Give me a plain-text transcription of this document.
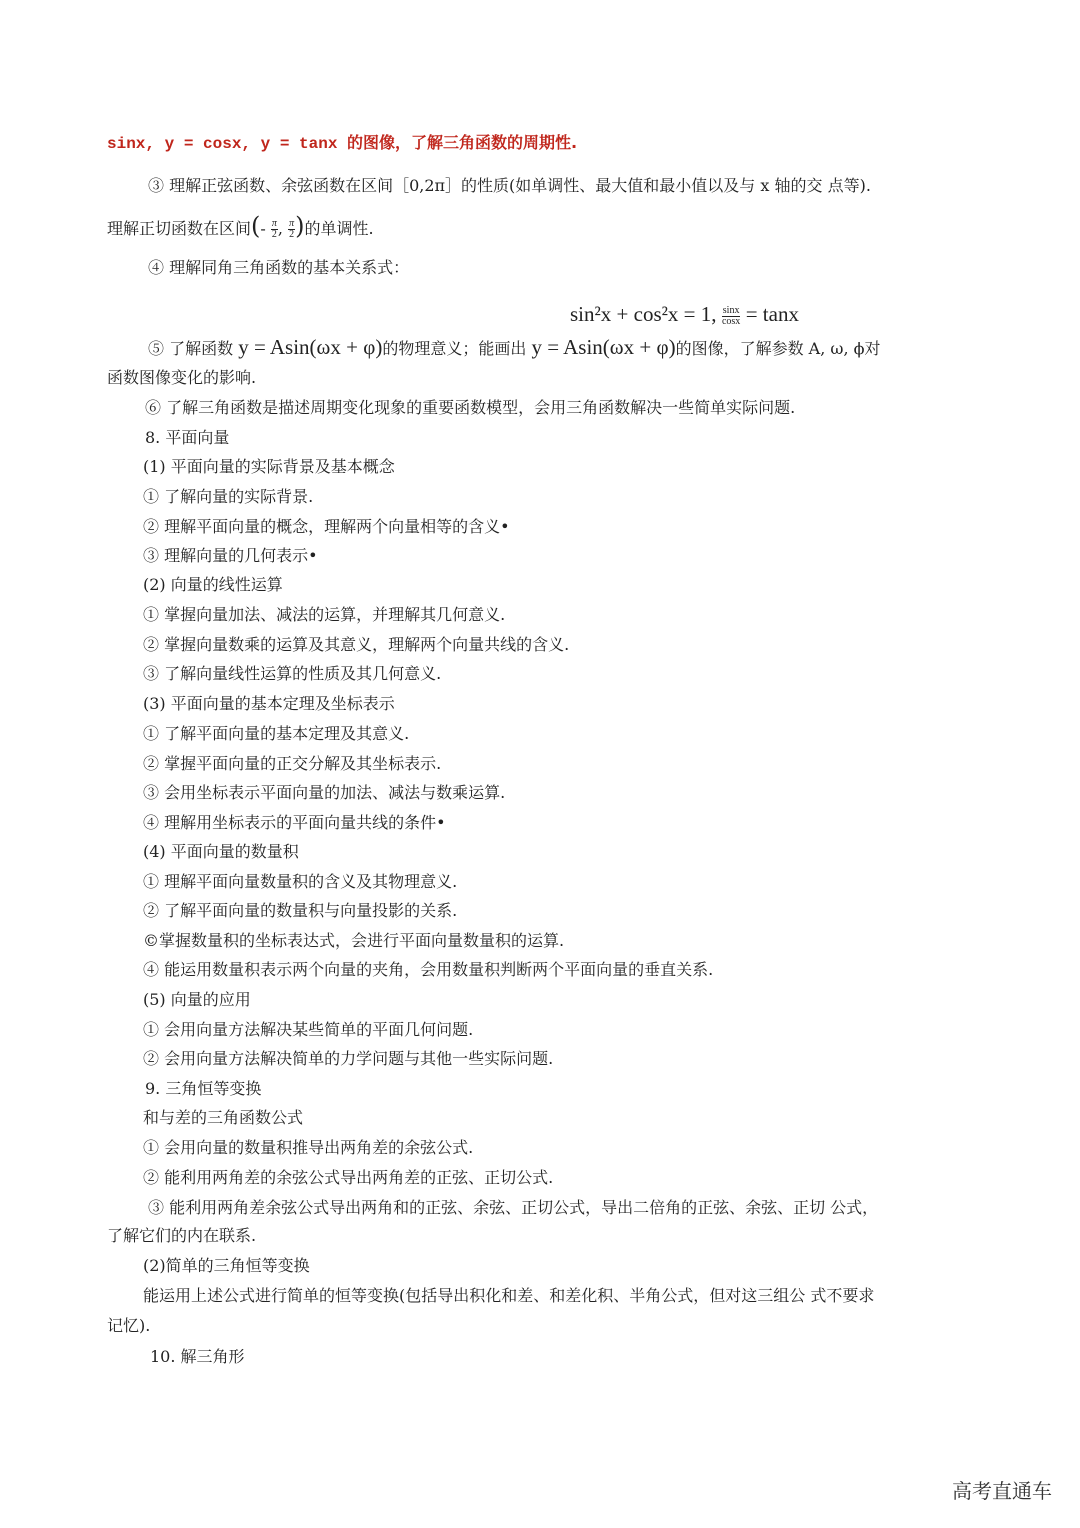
sinx, y = cosx, y = tanx 的图像，了解三角函数的周期性.
③ 理解正弦函数、余弦函数在区间［0,2π］的性质(如单调性、最大值和最小值以及与 x 轴的交 点等).
理解正切函数在区间(- $\frac{\pi}{2}$ , $\frac{\pi}{2}$ )的单调性.
④ 理解同角三角函数的基本关系式：
sin²x + cos²x = 1, $\frac{\sin x}{\cos x} = \tan x$
⑤ 了解函数 y = Asin(ωx + φ)的物理意义；能画出 y = Asin(ωx + φ)的图像，了解参数 A, ω, ϕ对
函数图像变化的影响.
⑥ 了解三角函数是描述周期变化现象的重要函数模型，会用三角函数解决一些简单实际问题.
8. 平面向量
(1) 平面向量的实际背景及基本概念
① 了解向量的实际背景.
② 理解平面向量的概念，理解两个向量相等的含义•
③ 理解向量的几何表示•
(2) 向量的线性运算
① 掌握向量加法、减法的运算，并理解其几何意义.
② 掌握向量数乘的运算及其意义，理解两个向量共线的含义.
③ 了解向量线性运算的性质及其几何意义.
(3) 平面向量的基本定理及坐标表示
① 了解平面向量的基本定理及其意义.
② 掌握平面向量的正交分解及其坐标表示.
③ 会用坐标表示平面向量的加法、减法与数乘运算.
④ 理解用坐标表示的平面向量共线的条件•
(4) 平面向量的数量积
① 理解平面向量数量积的含义及其物理意义.
② 了解平面向量的数量积与向量投影的关系.
©掌握数量积的坐标表达式，会进行平面向量数量积的运算.
④ 能运用数量积表示两个向量的夹角，会用数量积判断两个平面向量的垂直关系.
(5) 向量的应用
① 会用向量方法解决某些简单的平面几何问题.
② 会用向量方法解决简单的力学问题与其他一些实际问题.
9. 三角恒等变换
和与差的三角函数公式
① 会用向量的数量积推导出两角差的余弦公式.
② 能利用两角差的余弦公式导出两角差的正弦、正切公式.
③ 能利用两角差余弦公式导出两角和的正弦、余弦、正切公式，导出二倍角的正弦、余弦、正切 公式，
了解它们的内在联系.
(2)简单的三角恒等变换
能运用上述公式进行简单的恒等变换(包括导出积化和差、和差化积、半角公式，但对这三组公 式不要求
记忆).
10. 解三角形
高考直通车
